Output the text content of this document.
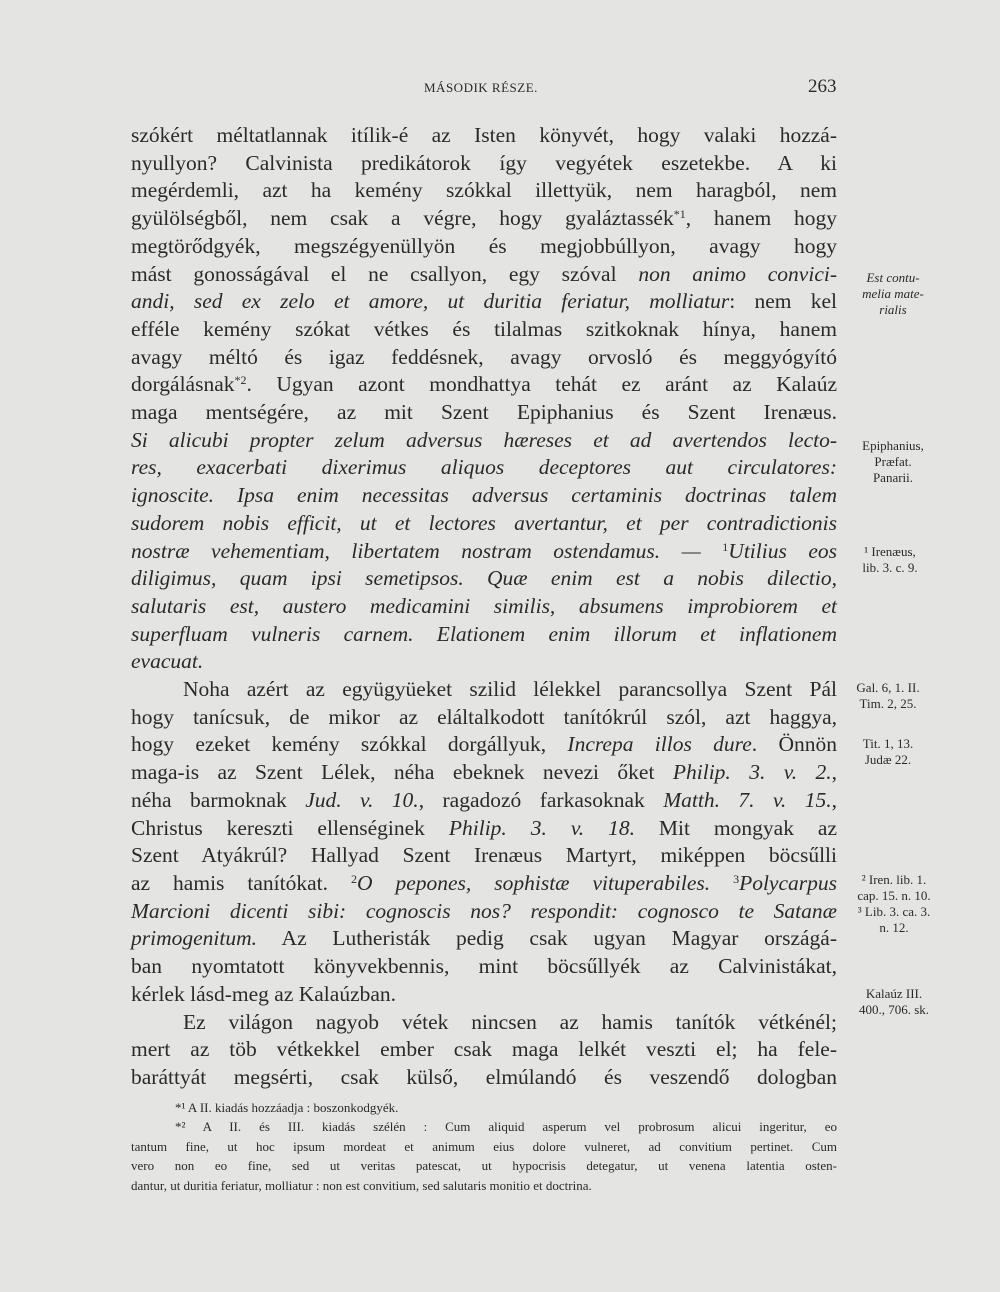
MÁSODIK RÉSZE.	263
szókért méltatlannak itílik-é az Isten könyvét, hogy valaki hozzá-
nyullyon? Calvinista predikátorok így vegyétek eszetekbe. A ki
megérdemli, azt ha kemény szókkal illettyük, nem haragból, nem
gyülölségből, nem csak a végre, hogy gyaláztassék$^{*1}$, hanem hogy
megtörődgyék, megszégyenüllyön és megjobbúllyon, avagy hogy
mást gonosságával el ne csallyon, egy szóval non animo convici-
andi, sed ex zelo et amore, ut duritia feriatur, molliatur: nem kel
efféle kemény szókat vétkes és tilalmas szitkoknak hínya, hanem
avagy méltó és igaz feddésnek, avagy orvosló és meggyógyító
dorgálásnak$^{*2}$. Ugyan azont mondhattya tehát ez aránt az Kalaúz
maga mentségére, az mit Szent Epiphanius és Szent Irenæus.
Si alicubi propter zelum adversus hæreses et ad avertendos lecto-
res, exacerbati dixerimus aliquos deceptores aut circulatores:
ignoscite. Ipsa enim necessitas adversus certaminis doctrinas talem
sudorem nobis efficit, ut et lectores avertantur, et per contradictionis
nostræ vehementiam, libertatem nostram ostendamus. — $^1$Utilius eos
diligimus, quam ipsi semetipsos. Quæ enim est a nobis dilectio,
salutaris est, austero medicamini similis, absumens improbiorem et
superfluam vulneris carnem. Elationem enim illorum et inflationem
evacuat.
Noha azért az együgyüeket szilid lélekkel parancsollya Szent Pál
hogy tanícsuk, de mikor az eláltalkodott tanítókrúl szól, azt haggya,
hogy ezeket kemény szókkal dorgállyuk, Increpa illos dure. Önnön
maga-is az Szent Lélek, néha ebeknek nevezi őket Philip. 3. v. 2.,
néha barmoknak Jud. v. 10., ragadozó farkasoknak Matth. 7. v. 15.,
Christus kereszti ellenséginek Philip. 3. v. 18. Mit mongyak az
Szent Atyákrúl? Hallyad Szent Irenæus Martyrt, miképpen böcsűlli
az hamis tanítókat. $^2$O pepones, sophistæ vituperabiles. $^3$Polycarpus
Marcioni dicenti sibi: cognoscis nos? respondit: cognosco te Satanæ
primogenitum. Az Lutheristák pedig csak ugyan Magyar országá-
ban nyomtatott könyvekbennis, mint böcsűllyék az Calvinistákat,
kérlek lásd-meg az Kalaúzban.
Ez világon nagyob vétek nincsen az hamis tanítók vétkénél;
mert az töb vétkekkel ember csak maga lelkét veszti el; ha fele-
baráttyát megsérti, csak külső, elmúlandó és veszendő dologban
Est contu-
melia mate-
rialis
Epiphanius,
Præfat.
Panarii.
¹ Irenæus,
lib. 3. c. 9.
Gal. 6, 1. II.
Tim. 2, 25.
Tit. 1, 13.
Judæ 22.
² Iren. lib. 1.
cap. 15. n. 10.
³ Lib. 3. ca. 3.
n. 12.
Kalaúz III.
400., 706. sk.

*¹ A II. kiadás hozzáadja : boszonkodgyék.

*² A II. és III. kiadás szélén : Cum aliquid asperum vel probrosum alicui ingeritur, eo
tantum fine, ut hoc ipsum mordeat et animum eius dolore vulneret, ad convitium pertinet. Cum
vero non eo fine, sed ut veritas patescat, ut hypocrisis detegatur, ut venena latentia osten-
dantur, ut duritia feriatur, molliatur : non est convitium, sed salutaris monitio et doctrina.
